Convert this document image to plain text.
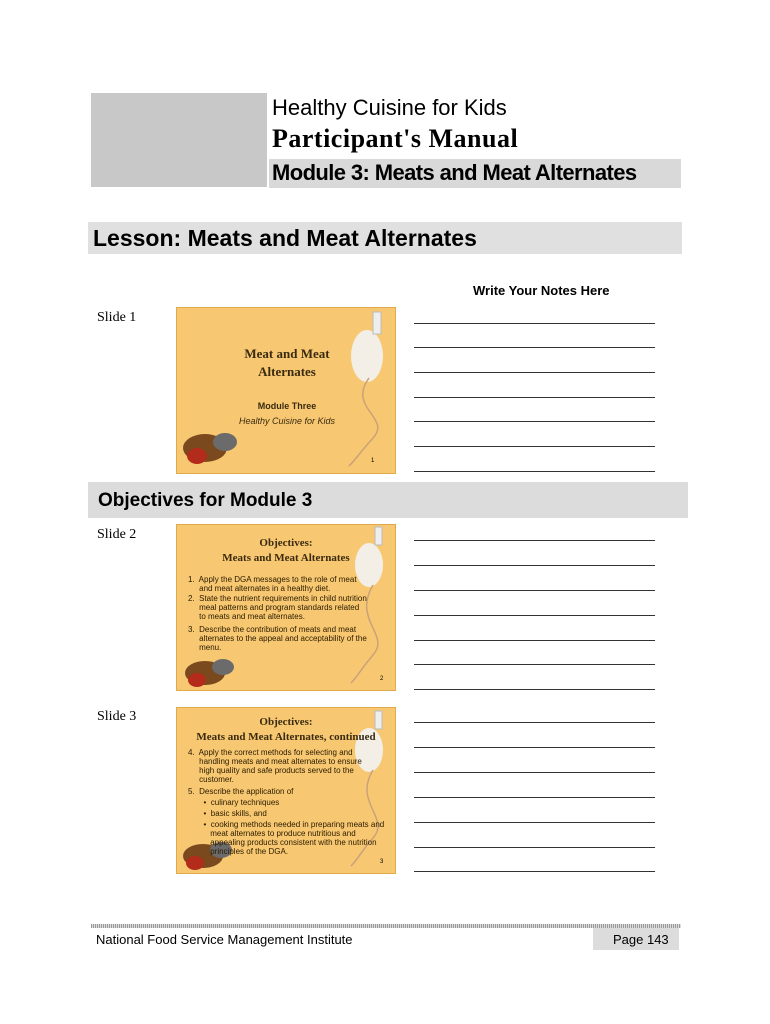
Healthy Cuisine for Kids
Participant's Manual
Module 3: Meats and Meat Alternates
Lesson: Meats and Meat Alternates
Write Your Notes Here
Slide 1
Meat and Meat
Alternates
Module Three
Healthy Cuisine for Kids
1
Objectives for Module 3
Slide 2
Objectives:
Meats and Meat Alternates
1.  Apply the DGA messages to the role of meat
and meat alternates in a healthy diet.
2.  State the nutrient requirements in child nutrition
meal patterns and program standards related
to meats and meat alternates.
3.  Describe the contribution of meats and meat
alternates to the appeal and acceptability of the
menu.
2
Slide 3	Objectives:
Meats and Meat Alternates, continued
4.  Apply the correct methods for selecting and
handling meats and meat alternates to ensure
high quality and safe products served to the
customer.
5.  Describe the application of
•  culinary techniques
•  basic skills, and
•  cooking methods needed in preparing meats and
meat alternates to produce nutritious and
appealing products consistent with the nutrition
principles of the DGA.
3
National Food Service Management Institute	Page 143
